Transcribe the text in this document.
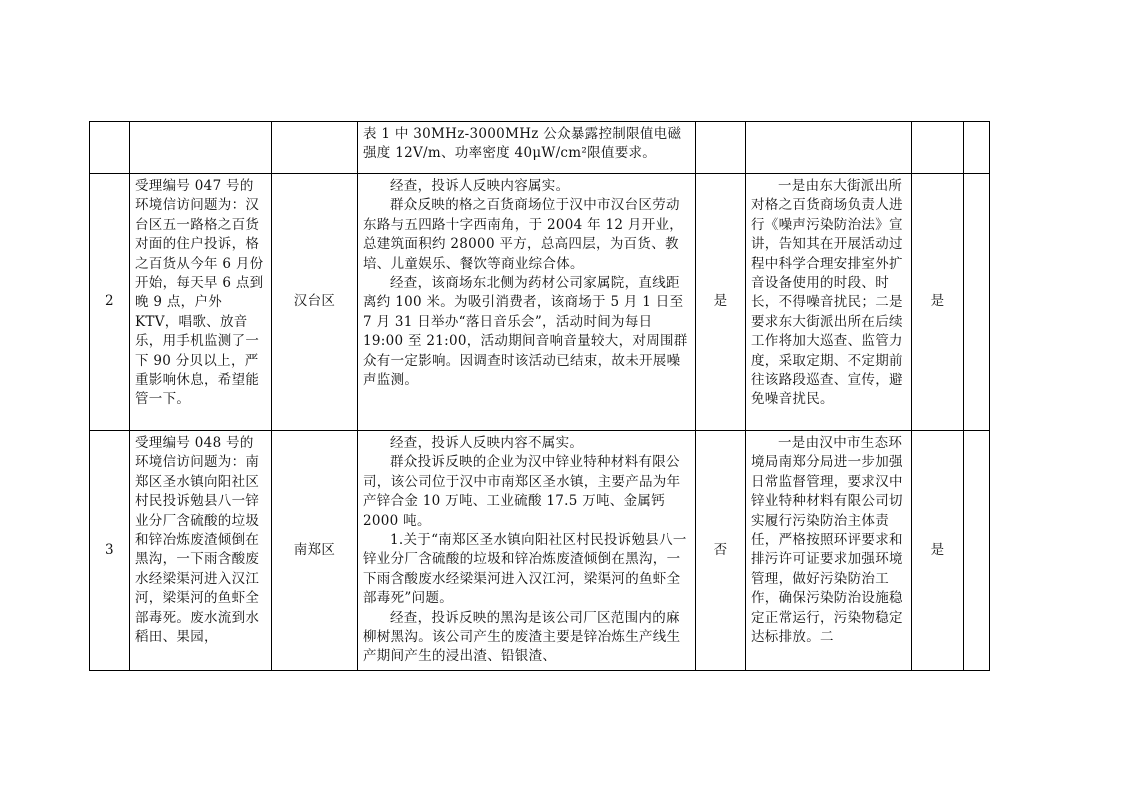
			表 1 中 30MHz-3000MHz 公众暴露控制限值电磁强度 12V/m、功率密度 40μW/cm²限值要求。				

2	受理编号 047 号的环境信访问题为：汉台区五一路格之百货对面的住户投诉，格之百货从今年 6 月份开始，每天早 6 点到晚 9 点，户外 KTV，唱歌、放音乐，用手机监测了一下 90 分贝以上，严重影响休息，希望能管一下。	汉台区	经查，投诉人反映内容属实。

群众反映的格之百货商场位于汉中市汉台区劳动东路与五四路十字西南角，于 2004 年 12 月开业，总建筑面积约 28000 平方，总高四层，为百货、教培、儿童娱乐、餐饮等商业综合体。

经查，该商场东北侧为药材公司家属院，直线距离约 100 米。为吸引消费者，该商场于 5 月 1 日至 7 月 31 日举办“落日音乐会”，活动时间为每日 19:00 至 21:00，活动期间音响音量较大，对周围群众有一定影响。因调查时该活动已结束，故未开展噪声监测。	是	一是由东大街派出所对格之百货商场负责人进行《噪声污染防治法》宣讲，告知其在开展活动过程中科学合理安排室外扩音设备使用的时段、时长，不得噪音扰民；二是要求东大街派出所在后续工作将加大巡查、监管力度，采取定期、不定期前往该路段巡查、宣传，避免噪音扰民。	是	
3	受理编号 048 号的环境信访问题为：南郑区圣水镇向阳社区村民投诉勉县八一锌业分厂含硫酸的垃圾和锌冶炼废渣倾倒在黑沟，一下雨含酸废水经梁渠河进入汉江河，梁渠河的鱼虾全部毒死。废水流到水稻田、果园，	南郑区	经查，投诉人反映内容不属实。

群众投诉反映的企业为汉中锌业特种材料有限公司，该公司位于汉中市南郑区圣水镇，主要产品为年产锌合金 10 万吨、工业硫酸 17.5 万吨、金属钙 2000 吨。

1.关于“南郑区圣水镇向阳社区村民投诉勉县八一锌业分厂含硫酸的垃圾和锌冶炼废渣倾倒在黑沟，一下雨含酸废水经梁渠河进入汉江河，梁渠河的鱼虾全部毒死”问题。

经查，投诉反映的黑沟是该公司厂区范围内的麻柳树黑沟。该公司产生的废渣主要是锌冶炼生产线生产期间产生的浸出渣、铅银渣、	否	一是由汉中市生态环境局南郑分局进一步加强日常监督管理，要求汉中锌业特种材料有限公司切实履行污染防治主体责任，严格按照环评要求和排污许可证要求加强环境管理，做好污染防治工作，确保污染防治设施稳定正常运行，污染物稳定达标排放。二	是	
